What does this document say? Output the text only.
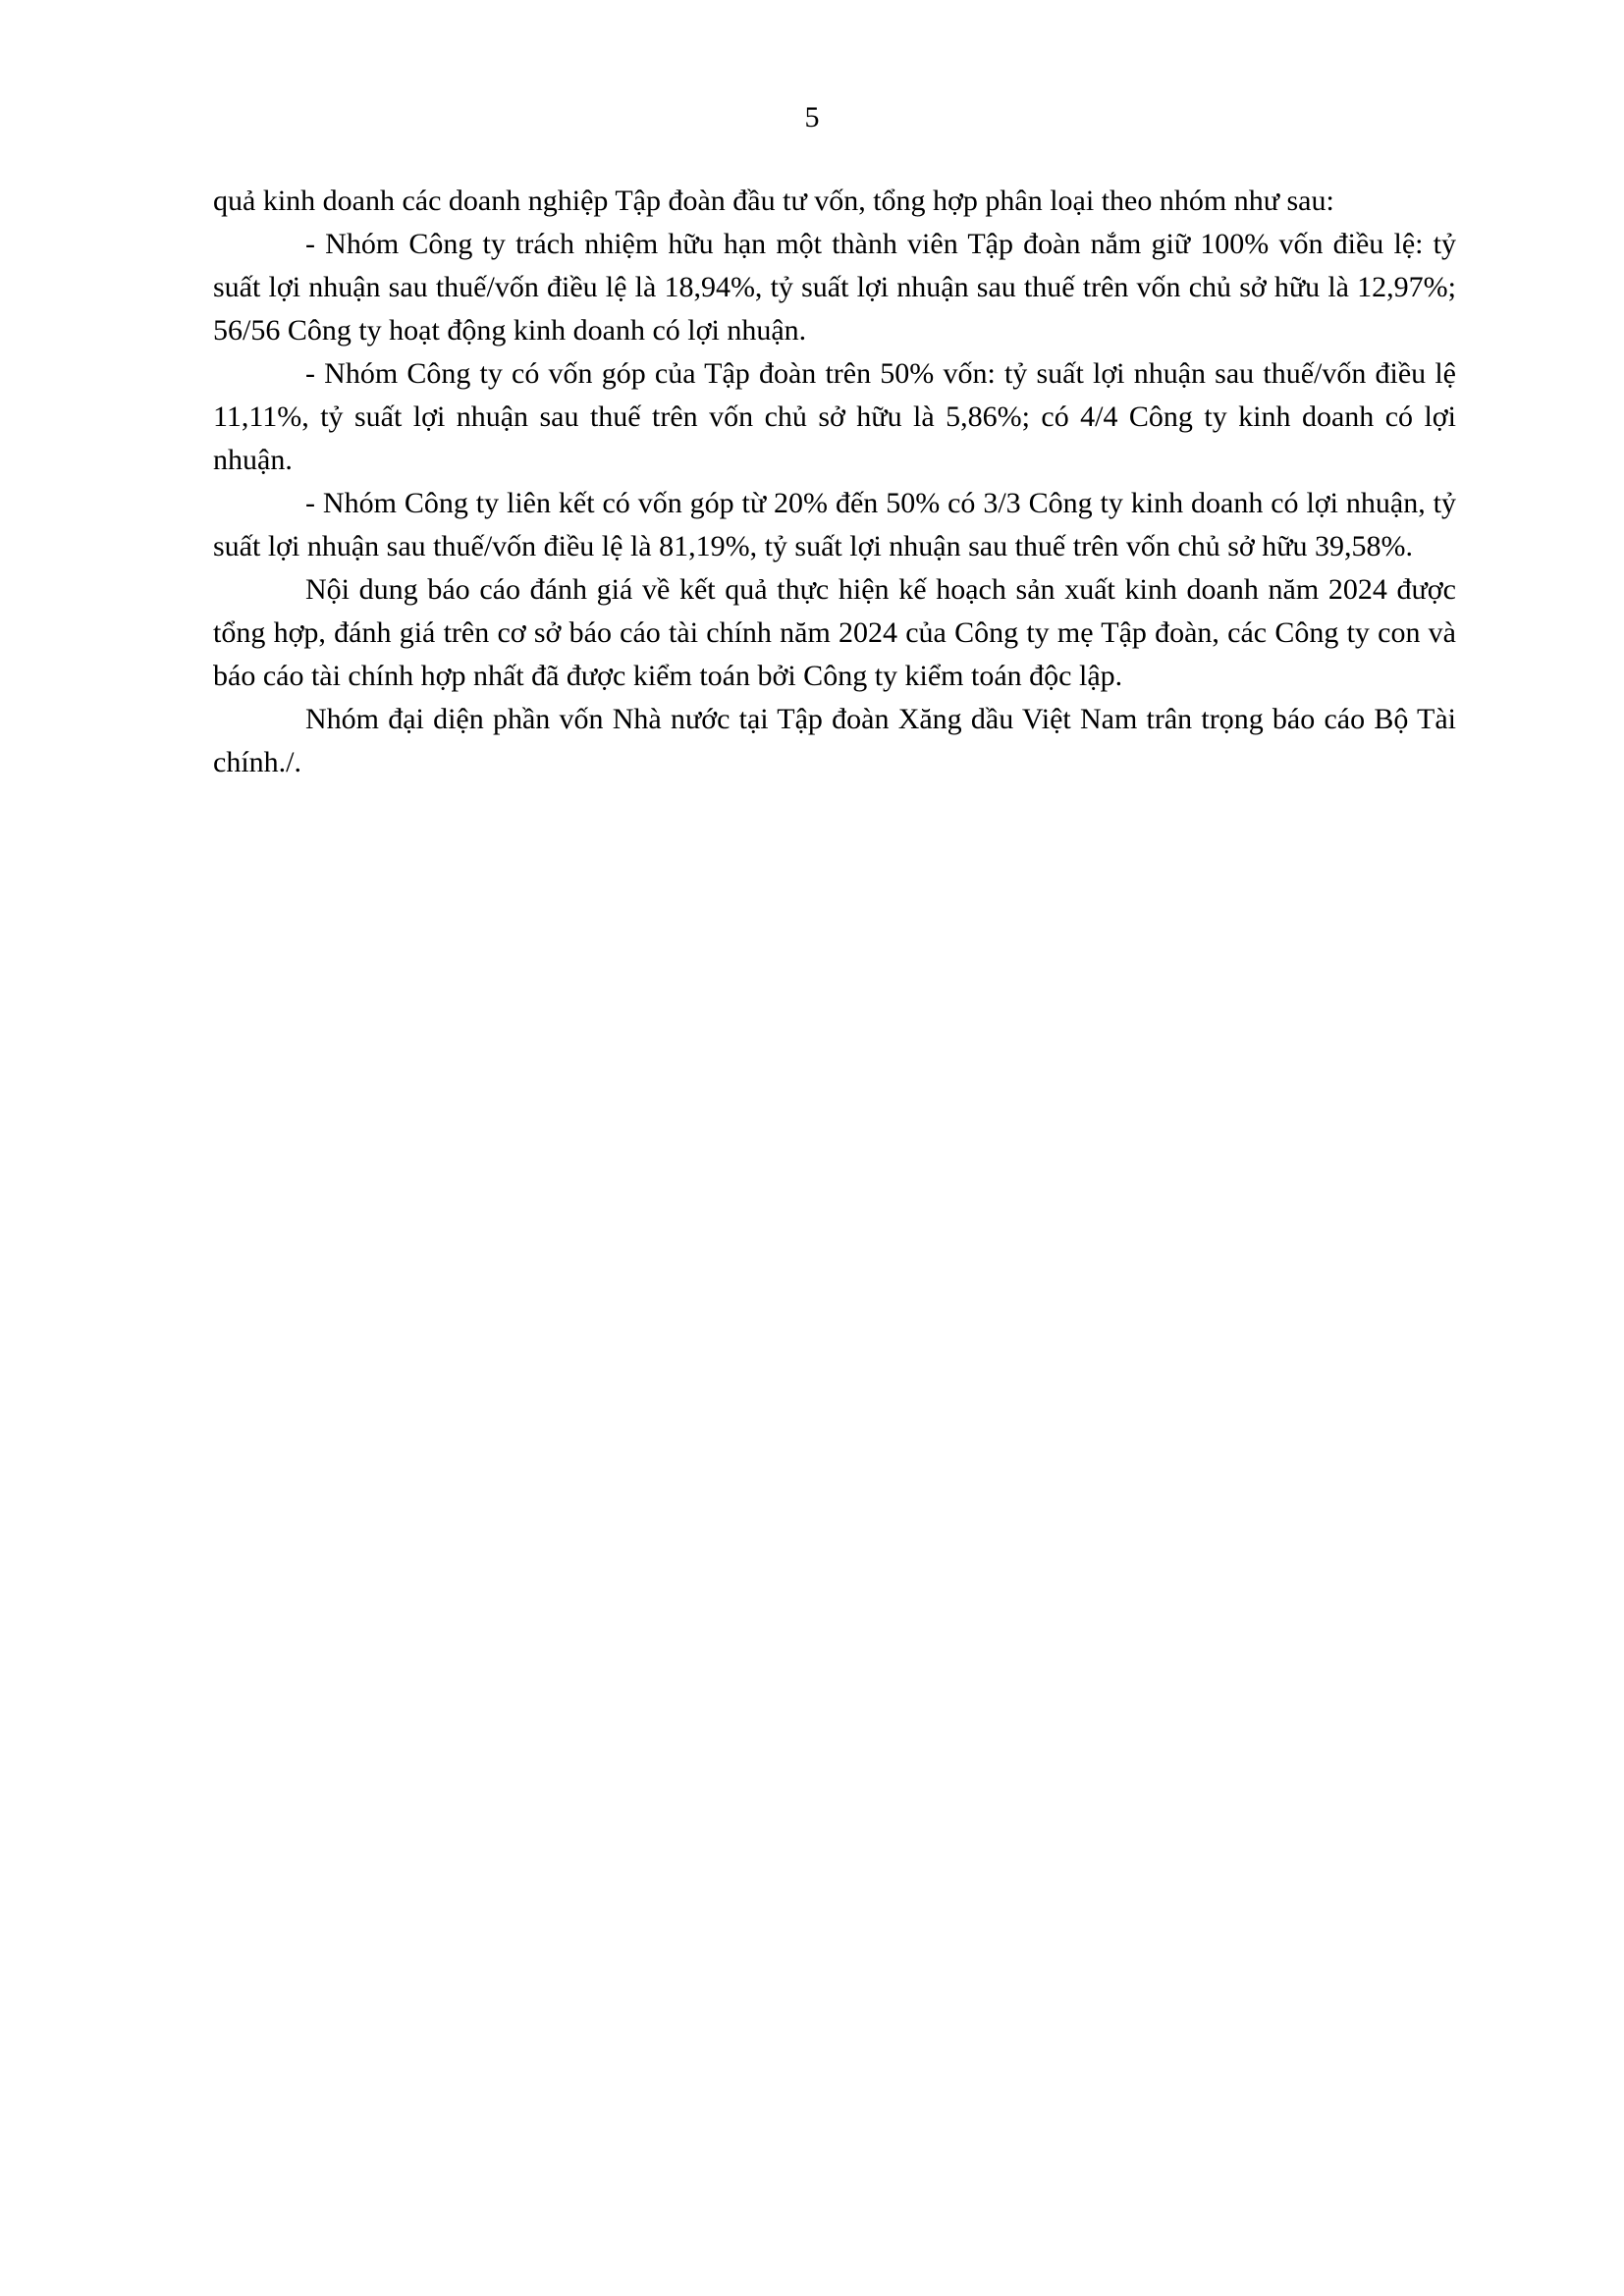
5

quả kinh doanh các doanh nghiệp Tập đoàn đầu tư vốn, tổng hợp phân loại theo nhóm như sau:

- Nhóm Công ty trách nhiệm hữu hạn một thành viên Tập đoàn nắm giữ 100% vốn điều lệ: tỷ suất lợi nhuận sau thuế/vốn điều lệ là 18,94%, tỷ suất lợi nhuận sau thuế trên vốn chủ sở hữu là 12,97%; 56/56 Công ty hoạt động kinh doanh có lợi nhuận.

- Nhóm Công ty có vốn góp của Tập đoàn trên 50% vốn: tỷ suất lợi nhuận sau thuế/vốn điều lệ 11,11%, tỷ suất lợi nhuận sau thuế trên vốn chủ sở hữu là 5,86%; có 4/4 Công ty kinh doanh có lợi nhuận.

- Nhóm Công ty liên kết có vốn góp từ 20% đến 50% có 3/3 Công ty kinh doanh có lợi nhuận, tỷ suất lợi nhuận sau thuế/vốn điều lệ là 81,19%, tỷ suất lợi nhuận sau thuế trên vốn chủ sở hữu 39,58%.

Nội dung báo cáo đánh giá về kết quả thực hiện kế hoạch sản xuất kinh doanh năm 2024 được tổng hợp, đánh giá trên cơ sở báo cáo tài chính năm 2024 của Công ty mẹ Tập đoàn, các Công ty con và báo cáo tài chính hợp nhất đã được kiểm toán bởi Công ty kiểm toán độc lập.

Nhóm đại diện phần vốn Nhà nước tại Tập đoàn Xăng dầu Việt Nam trân trọng báo cáo Bộ Tài chính./.
